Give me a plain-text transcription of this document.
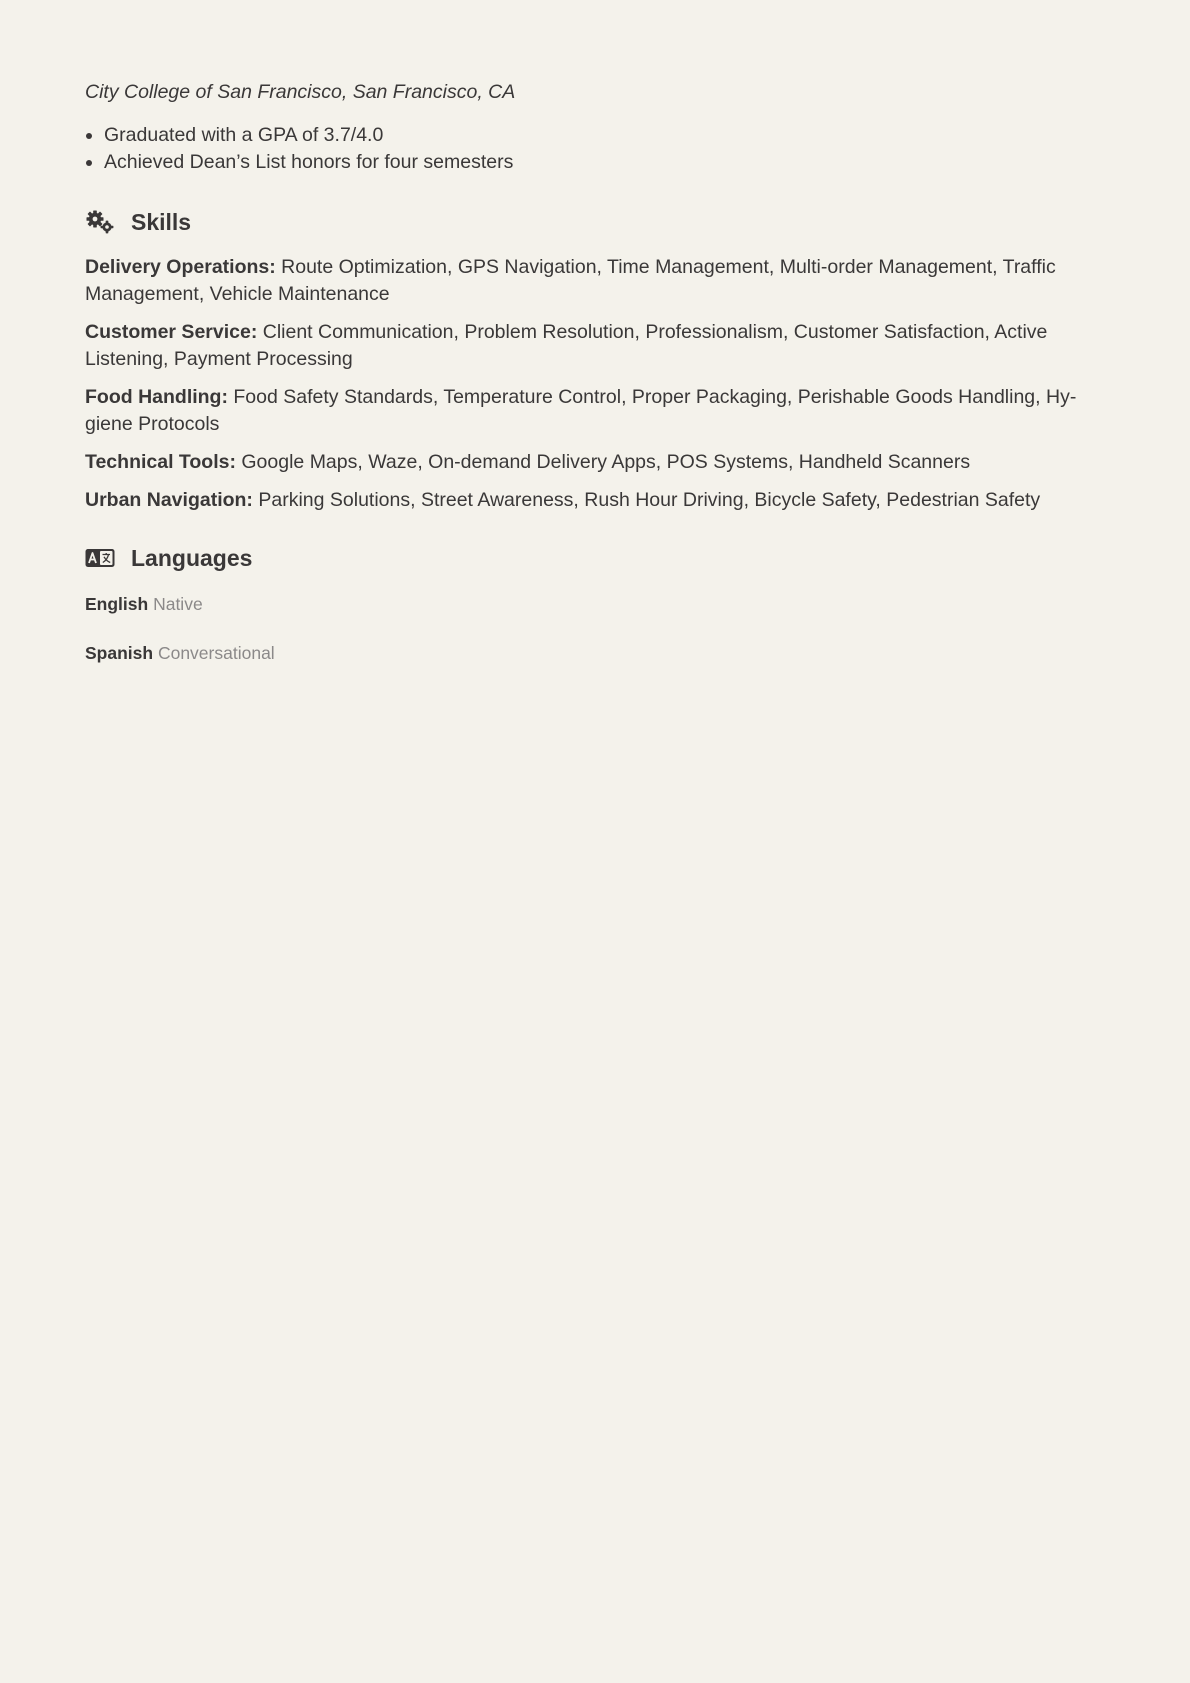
City College of San Francisco, San Francisco, CA
• Graduated with a GPA of 3.7/4.0
• Achieved Dean’s List honors for four semesters
Skills

Delivery Operations: Route Optimization, GPS Navigation, Time Management, Multi-order Management, Traffic Management, Vehicle Maintenance

Customer Service: Client Communication, Problem Resolution, Professionalism, Customer Satisfaction, Active Listening, Payment Processing

Food Handling: Food Safety Standards, Temperature Control, Proper Packaging, Perishable Goods Handling, Hy-giene Protocols

Technical Tools: Google Maps, Waze, On-demand Delivery Apps, POS Systems, Handheld Scanners

Urban Navigation: Parking Solutions, Street Awareness, Rush Hour Driving, Bicycle Safety, Pedestrian Safety

Languages

English Native

Spanish Conversational
